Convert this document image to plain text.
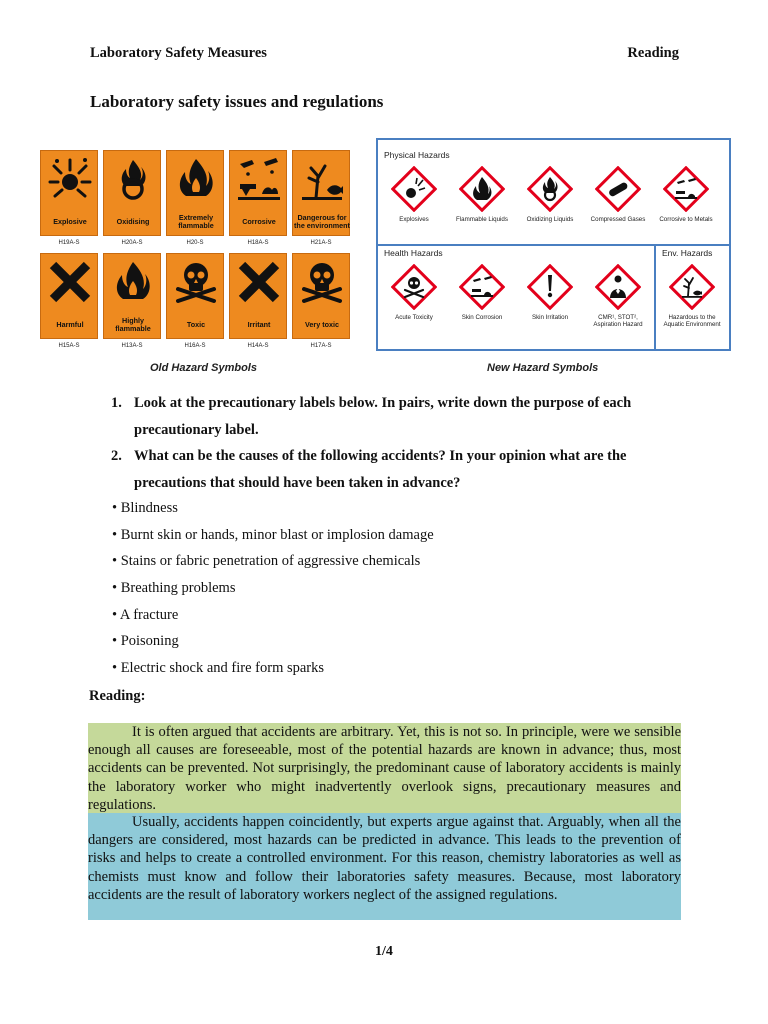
Laboratory Safety Measures	Reading
Laboratory safety issues and regulations
Explosive
H19A-S
Oxidising
H20A-S
Extremely flammable
H20-S
Corrosive
H18A-S
Dangerous for the environment
H21A-S
Harmful
H15A-S
Highly flammable
H13A-S
Toxic
H16A-S
Irritant
H14A-S
Very toxic
H17A-S
Physical Hazards
Health Hazards	Env. Hazards
Explosives	Flammable Liquids	Oxidizing Liquids	Compressed Gases	Corrosive to Metals
Acute Toxicity	Skin Corrosion	Skin Irritation	CMR¹, STOT², Aspiration Hazard
Hazardous to the Aquatic Environment
Old Hazard Symbols	New Hazard Symbols
1. Look at the precautionary labels below. In pairs, write down the purpose of each precautionary label.
2. What can be the causes of the following accidents? In your opinion what are the precautions that should have been taken in advance?
• Blindness
• Burnt skin or hands, minor blast or implosion damage
• Stains or fabric penetration of aggressive chemicals
• Breathing problems
• A fracture
• Poisoning
• Electric shock and fire form sparks
Reading:

It is often argued that accidents are arbitrary. Yet, this is not so. In principle, were we sensible enough all causes are foreseeable, most of the potential hazards are known in advance; thus, most accidents can be prevented. Not surprisingly, the predominant cause of laboratory accidents is mainly the laboratory worker who might inadvertently overlook signs, precautionary measures and regulations.

Usually, accidents happen coincidently, but experts argue against that. Arguably, when all the dangers are considered, most hazards can be predicted in advance. This leads to the prevention of risks and helps to create a controlled environment. For this reason, chemistry laboratories as well as chemists must know and follow their laboratories safety measures. Because, most laboratory accidents are the result of laboratory workers neglect of the assigned regulations.

1/4
